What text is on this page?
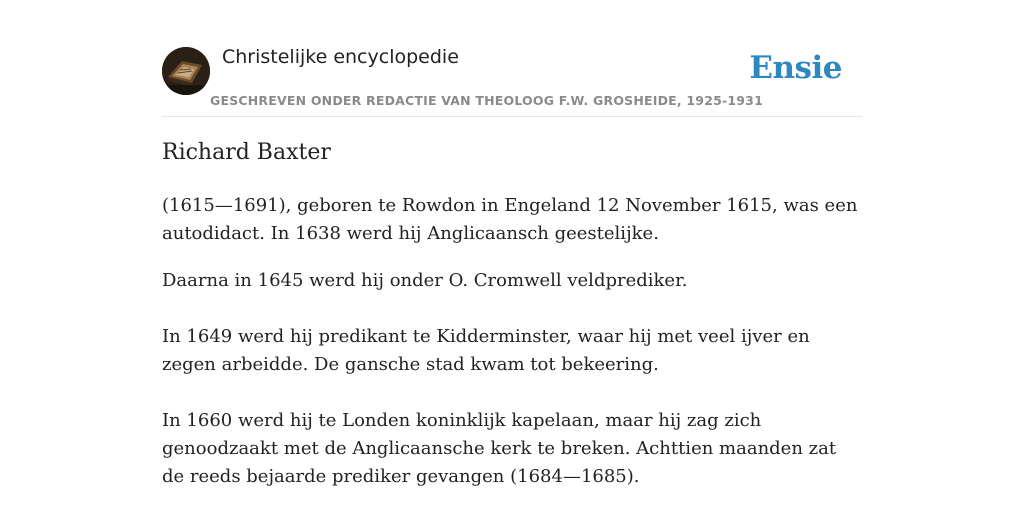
Christelijke encyclopedie
GESCHREVEN ONDER REDACTIE VAN THEOLOOG F.W. GROSHEIDE, 1925-1931
Ensie
Richard Baxter

(1615—1691), geboren te Rowdon in Engeland 12 November 1615, was een autodidact. In 1638 werd hij Anglicaansch geestelijke.

Daarna in 1645 werd hij onder O. Cromwell veldprediker.

In 1649 werd hij predikant te Kidderminster, waar hij met veel ijver en zegen arbeidde. De gansche stad kwam tot bekeering.

In 1660 werd hij te Londen koninklijk kapelaan, maar hij zag zich genoodzaakt met de Anglicaansche kerk te breken. Achttien maanden zat de reeds bejaarde prediker gevangen (1684—1685).
